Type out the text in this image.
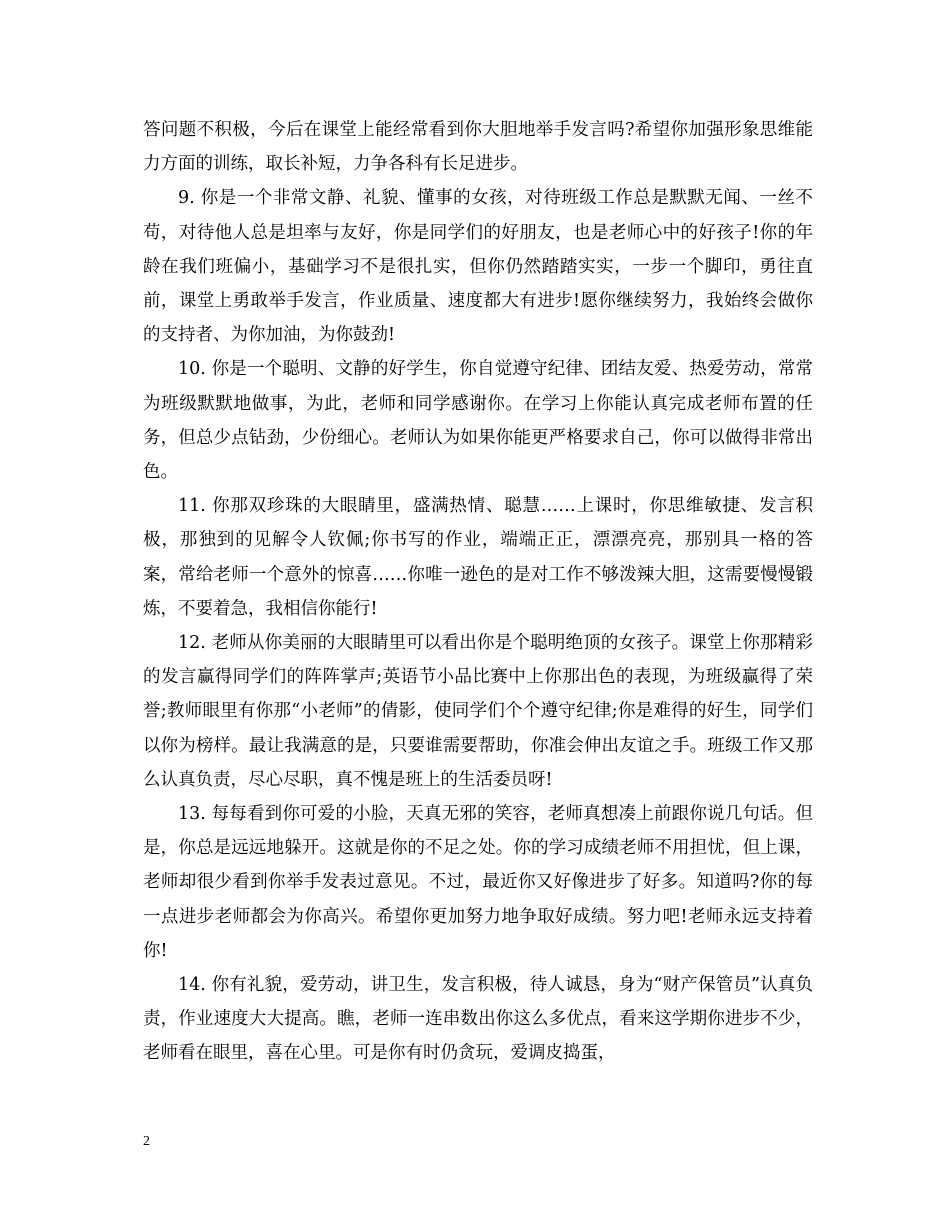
答问题不积极，今后在课堂上能经常看到你大胆地举手发言吗?希望你加强形象思维能力方面的训练，取长补短，力争各科有长足进步。

9. 你是一个非常文静、礼貌、懂事的女孩，对待班级工作总是默默无闻、一丝不苟，对待他人总是坦率与友好，你是同学们的好朋友，也是老师心中的好孩子!你的年龄在我们班偏小，基础学习不是很扎实，但你仍然踏踏实实，一步一个脚印，勇往直前，课堂上勇敢举手发言，作业质量、速度都大有进步!愿你继续努力，我始终会做你的支持者、为你加油，为你鼓劲!

10. 你是一个聪明、文静的好学生，你自觉遵守纪律、团结友爱、热爱劳动，常常为班级默默地做事，为此，老师和同学感谢你。在学习上你能认真完成老师布置的任务，但总少点钻劲，少份细心。老师认为如果你能更严格要求自己，你可以做得非常出色。

11. 你那双珍珠的大眼睛里，盛满热情、聪慧……上课时，你思维敏捷、发言积极，那独到的见解令人钦佩;你书写的作业，端端正正，漂漂亮亮，那别具一格的答案，常给老师一个意外的惊喜……你唯一逊色的是对工作不够泼辣大胆，这需要慢慢锻炼，不要着急，我相信你能行!

12. 老师从你美丽的大眼睛里可以看出你是个聪明绝顶的女孩子。课堂上你那精彩的发言赢得同学们的阵阵掌声;英语节小品比赛中上你那出色的表现，为班级赢得了荣誉;教师眼里有你那“小老师”的倩影，使同学们个个遵守纪律;你是难得的好生，同学们以你为榜样。最让我满意的是，只要谁需要帮助，你准会伸出友谊之手。班级工作又那么认真负责，尽心尽职，真不愧是班上的生活委员呀!

13. 每每看到你可爱的小脸，天真无邪的笑容，老师真想凑上前跟你说几句话。但是，你总是远远地躲开。这就是你的不足之处。你的学习成绩老师不用担忧，但上课，老师却很少看到你举手发表过意见。不过，最近你又好像进步了好多。知道吗?你的每一点进步老师都会为你高兴。希望你更加努力地争取好成绩。努力吧!老师永远支持着你!

14. 你有礼貌，爱劳动，讲卫生，发言积极，待人诚恳，身为“财产保管员”认真负责，作业速度大大提高。瞧，老师一连串数出你这么多优点，看来这学期你进步不少，老师看在眼里，喜在心里。可是你有时仍贪玩，爱调皮捣蛋，

2
